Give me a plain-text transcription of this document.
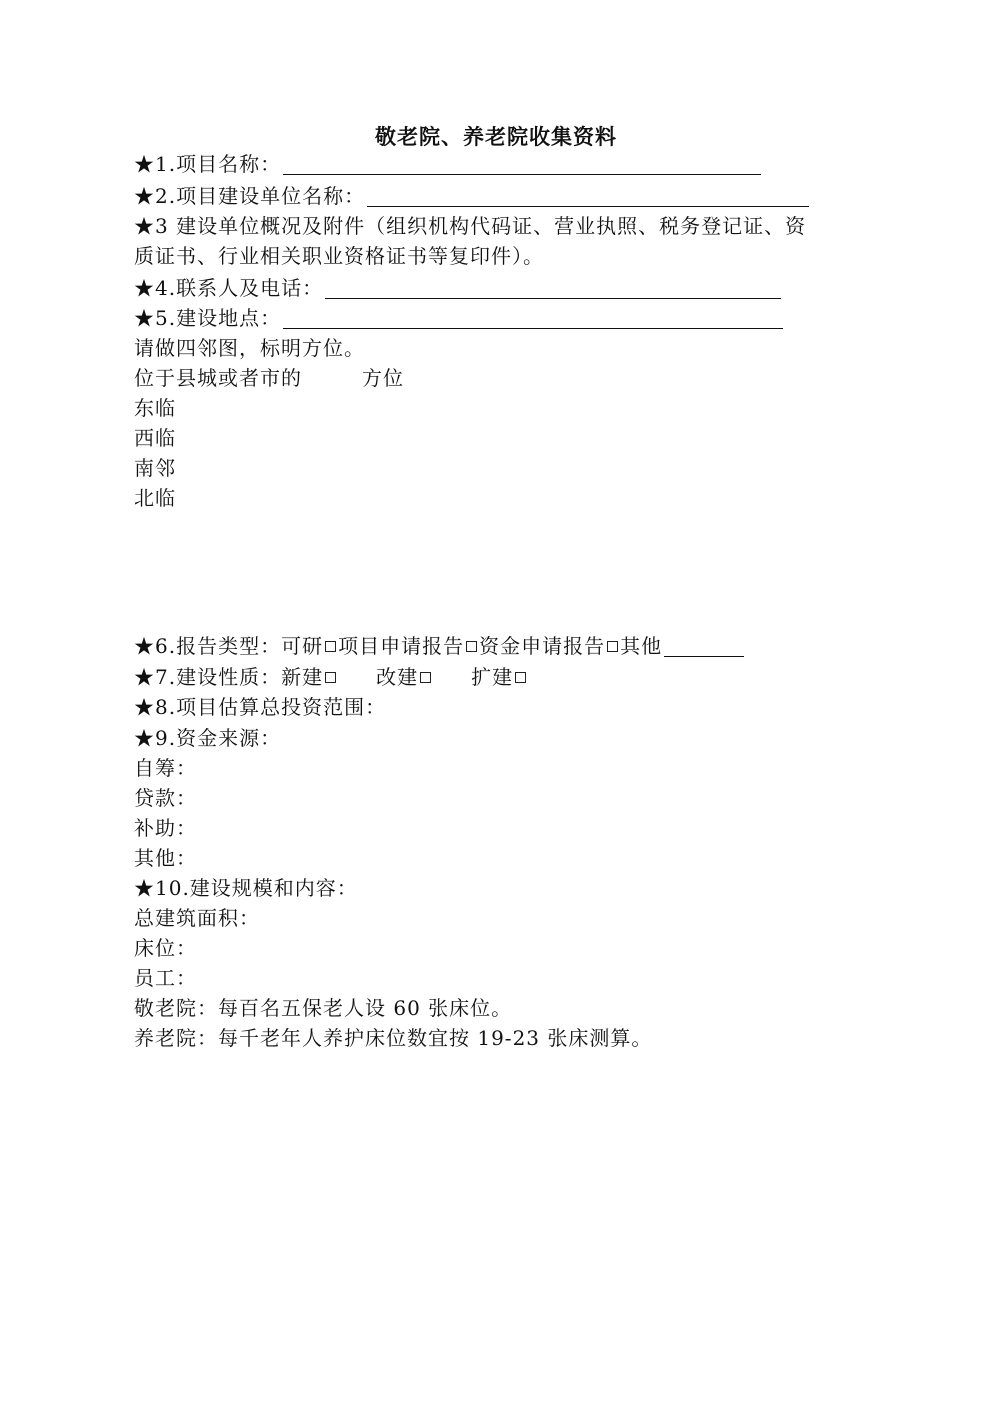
敬老院、养老院收集资料
★1.项目名称：
★2.项目建设单位名称：
★3 建设单位概况及附件（组织机构代码证、营业执照、税务登记证、资
质证书、行业相关职业资格证书等复印件）。
★4.联系人及电话：
★5.建设地点：
请做四邻图，标明方位。
位于县城或者市的	方位
东临
西临
南邻
北临
★6.报告类型：可研 项目申请报告 资金申请报告 其他
★7.建设性质：新建	改建	扩建
★8.项目估算总投资范围：
★9.资金来源：
自筹：
贷款：
补助：
其他：
★10.建设规模和内容：
总建筑面积：
床位：
员工：
敬老院：每百名五保老人设 60 张床位。
养老院：每千老年人养护床位数宜按 19-23 张床测算。
